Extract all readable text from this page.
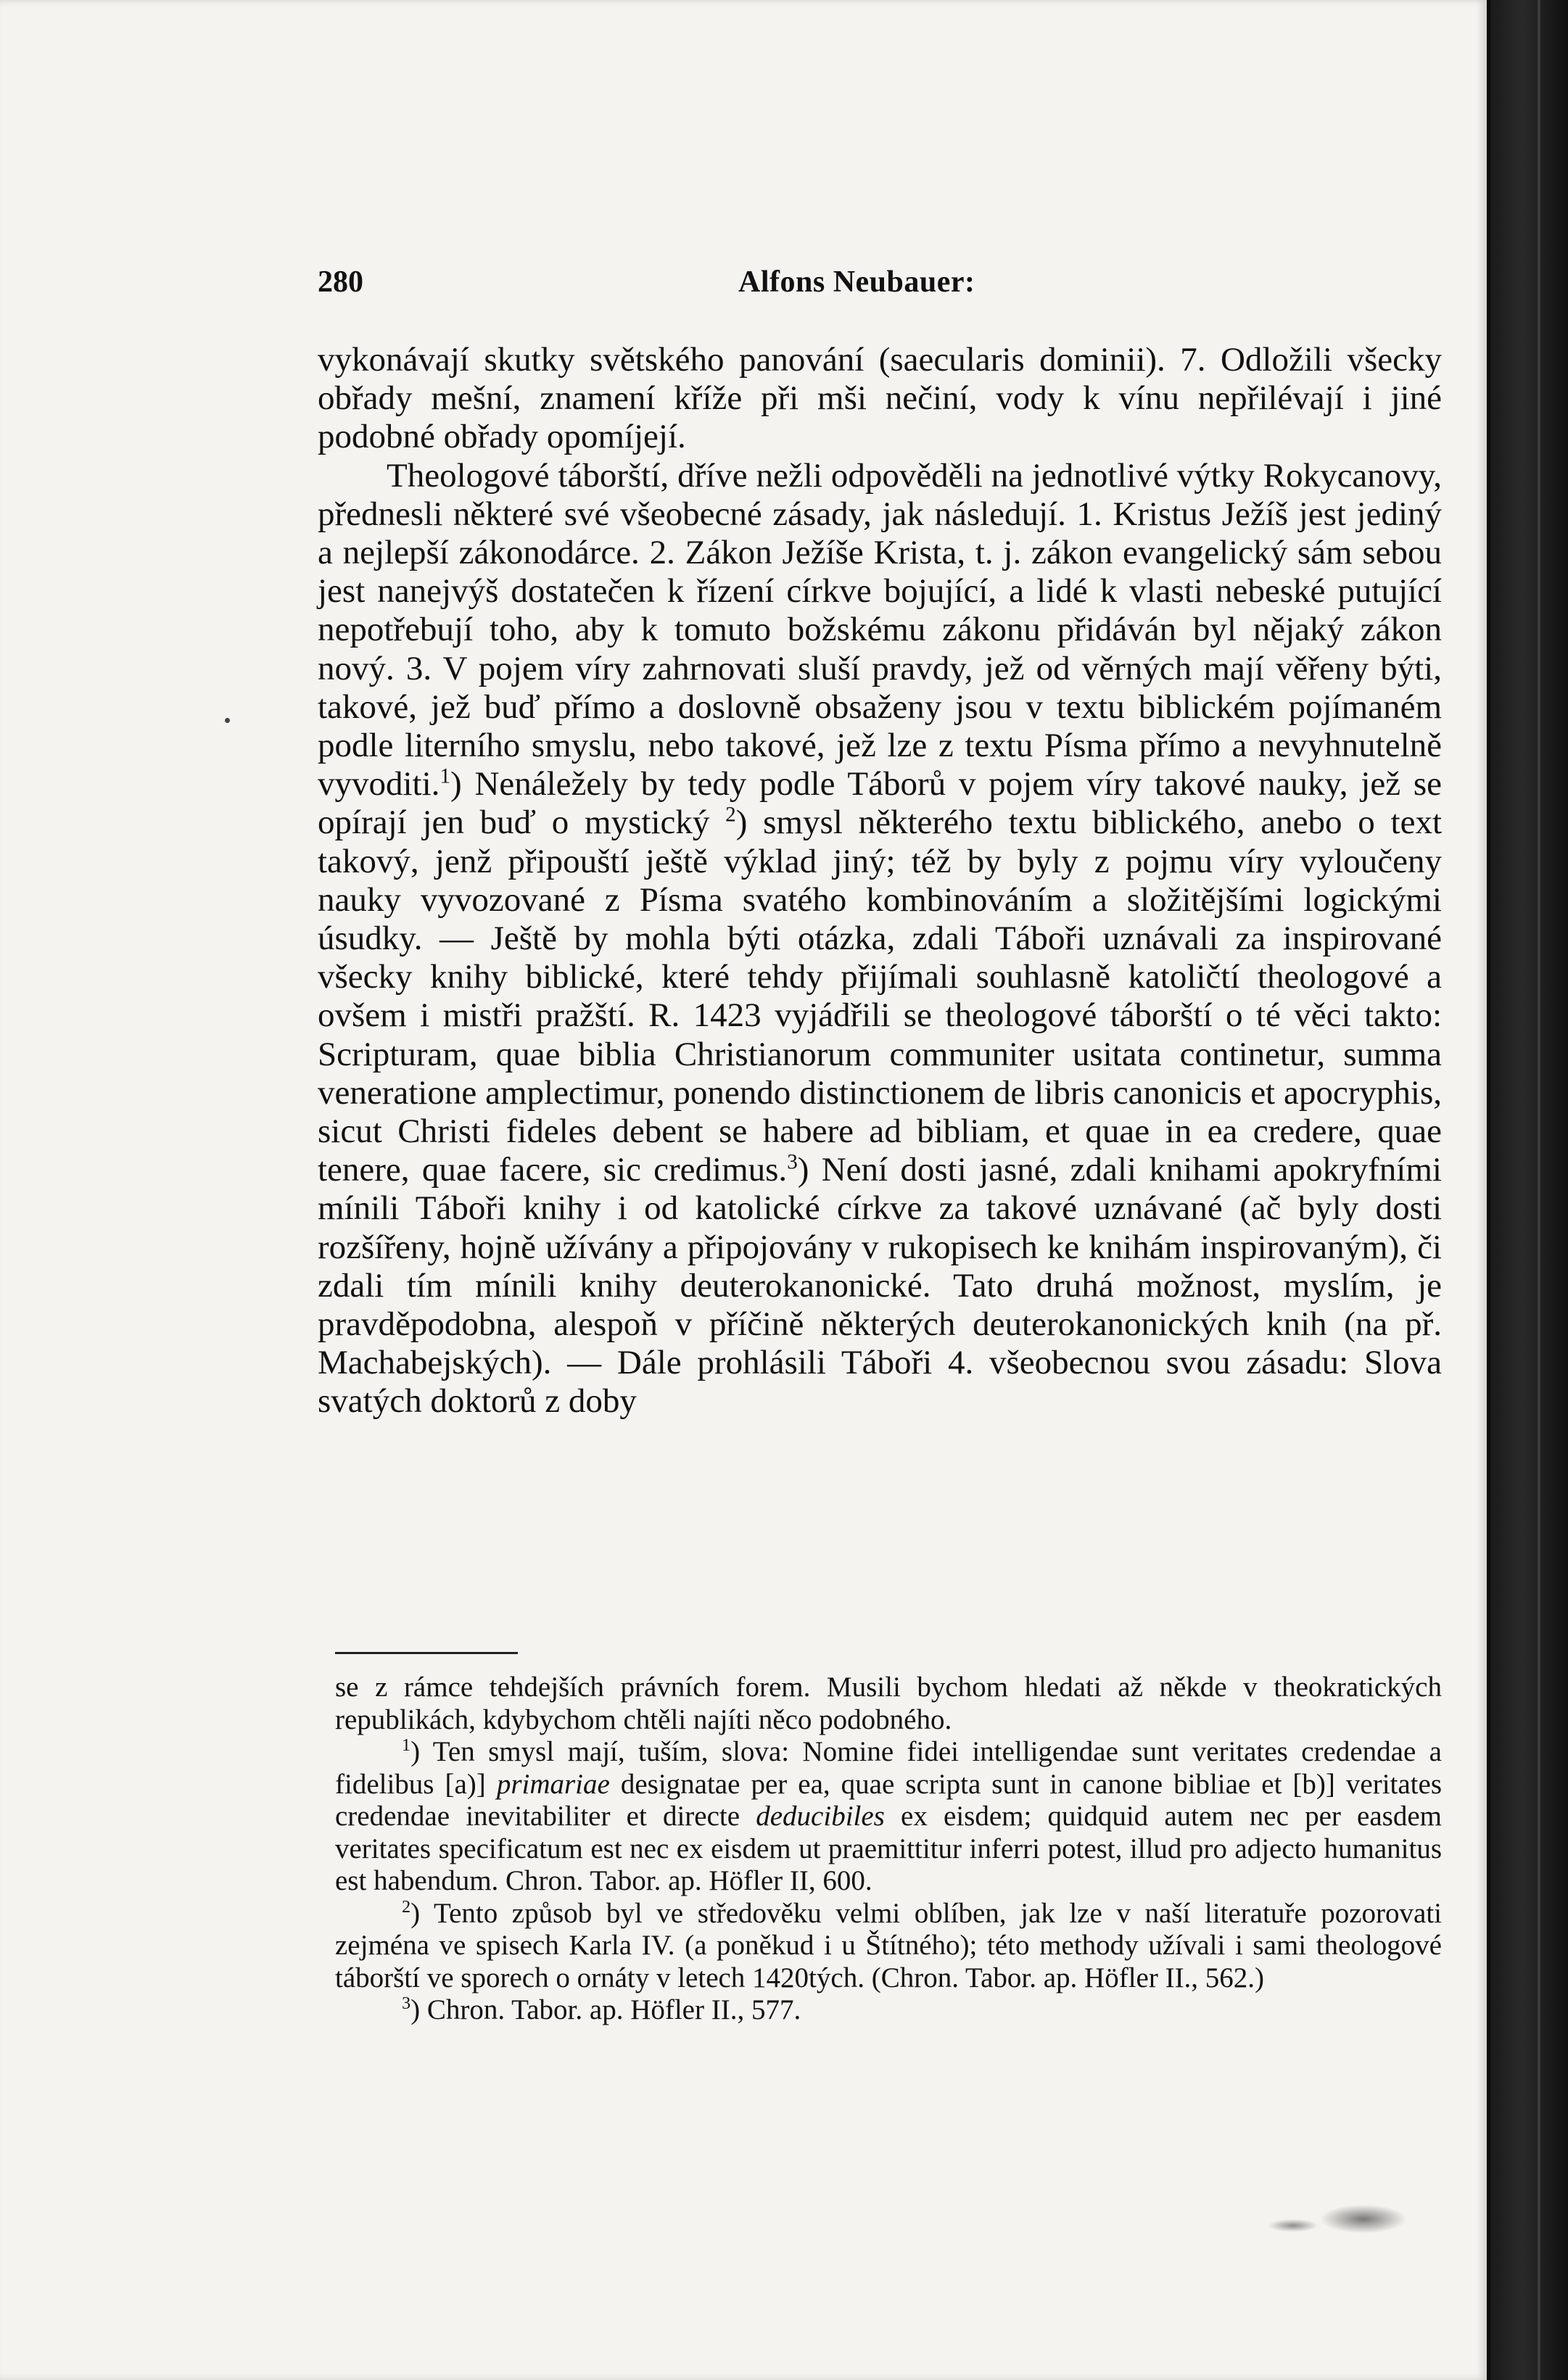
280	Alfons Neubauer:

vykonávají skutky světského panování (saecularis dominii). 7. Odložili všecky obřady mešní, znamení kříže při mši nečiní, vody k vínu nepřilévají i jiné podobné obřady opomíjejí.

Theologové táborští, dříve nežli odpověděli na jednotlivé výtky Rokycanovy, přednesli některé své všeobecné zásady, jak následují. 1. Kristus Ježíš jest jediný a nejlepší zákonodárce. 2. Zákon Ježíše Krista, t. j. zákon evangelický sám sebou jest nanejvýš dostatečen k řízení církve bojující, a lidé k vlasti nebeské putující nepotřebují toho, aby k tomuto božskému zákonu přidáván byl nějaký zákon nový. 3. V pojem víry zahrnovati sluší pravdy, jež od věrných mají věřeny býti, takové, jež buď přímo a doslovně obsaženy jsou v textu biblickém pojímaném podle literního smyslu, nebo takové, jež lze z textu Písma přímo a nevyhnutelně vyvoditi.$^1$) Nenáležely by tedy podle Táborů v pojem víry takové nauky, jež se opírají jen buď o mystický $^2$) smysl některého textu biblického, anebo o text takový, jenž připouští ještě výklad jiný; též by byly z pojmu víry vyloučeny nauky vyvozované z Písma svatého kombinováním a složitějšími logickými úsudky. — Ještě by mohla býti otázka, zdali Táboři uznávali za inspirované všecky knihy biblické, které tehdy přijímali souhlasně katoličtí theologové a ovšem i mistři pražští. R. 1423 vyjádřili se theologové táborští o té věci takto: Scripturam, quae biblia Christianorum communiter usitata continetur, summa veneratione amplectimur, ponendo distinctionem de libris canonicis et apocryphis, sicut Christi fideles debent se habere ad bibliam, et quae in ea credere, quae tenere, quae facere, sic credimus.$^3$) Není dosti jasné, zdali knihami apokryfními mínili Táboři knihy i od katolické církve za takové uznávané (ač byly dosti rozšířeny, hojně užívány a připojovány v rukopisech ke knihám inspirovaným), či zdali tím mínili knihy deuterokanonické. Tato druhá možnost, myslím, je pravděpodobna, alespoň v příčině některých deuterokanonických knih (na př. Machabejských). — Dále prohlásili Táboři 4. všeobecnou svou zásadu: Slova svatých doktorů z doby

se z rámce tehdejších právních forem. Musili bychom hledati až někde v theokratických republikách, kdybychom chtěli najíti něco podobného.

$^1$) Ten smysl mají, tuším, slova: Nomine fidei intelligendae sunt veritates credendae a fidelibus [a)] primariae designatae per ea, quae scripta sunt in canone bibliae et [b)] veritates credendae inevitabiliter et directe deducibiles ex eisdem; quidquid autem nec per easdem veritates specificatum est nec ex eisdem ut praemittitur inferri potest, illud pro adjecto humanitus est habendum. Chron. Tabor. ap. Höfler II, 600.

$^2$) Tento způsob byl ve středověku velmi oblíben, jak lze v naší literatuře pozorovati zejména ve spisech Karla IV. (a poněkud i u Štítného); této methody užívali i sami theologové táborští ve sporech o ornáty v letech 1420tých. (Chron. Tabor. ap. Höfler II., 562.)

$^3$) Chron. Tabor. ap. Höfler II., 577.
